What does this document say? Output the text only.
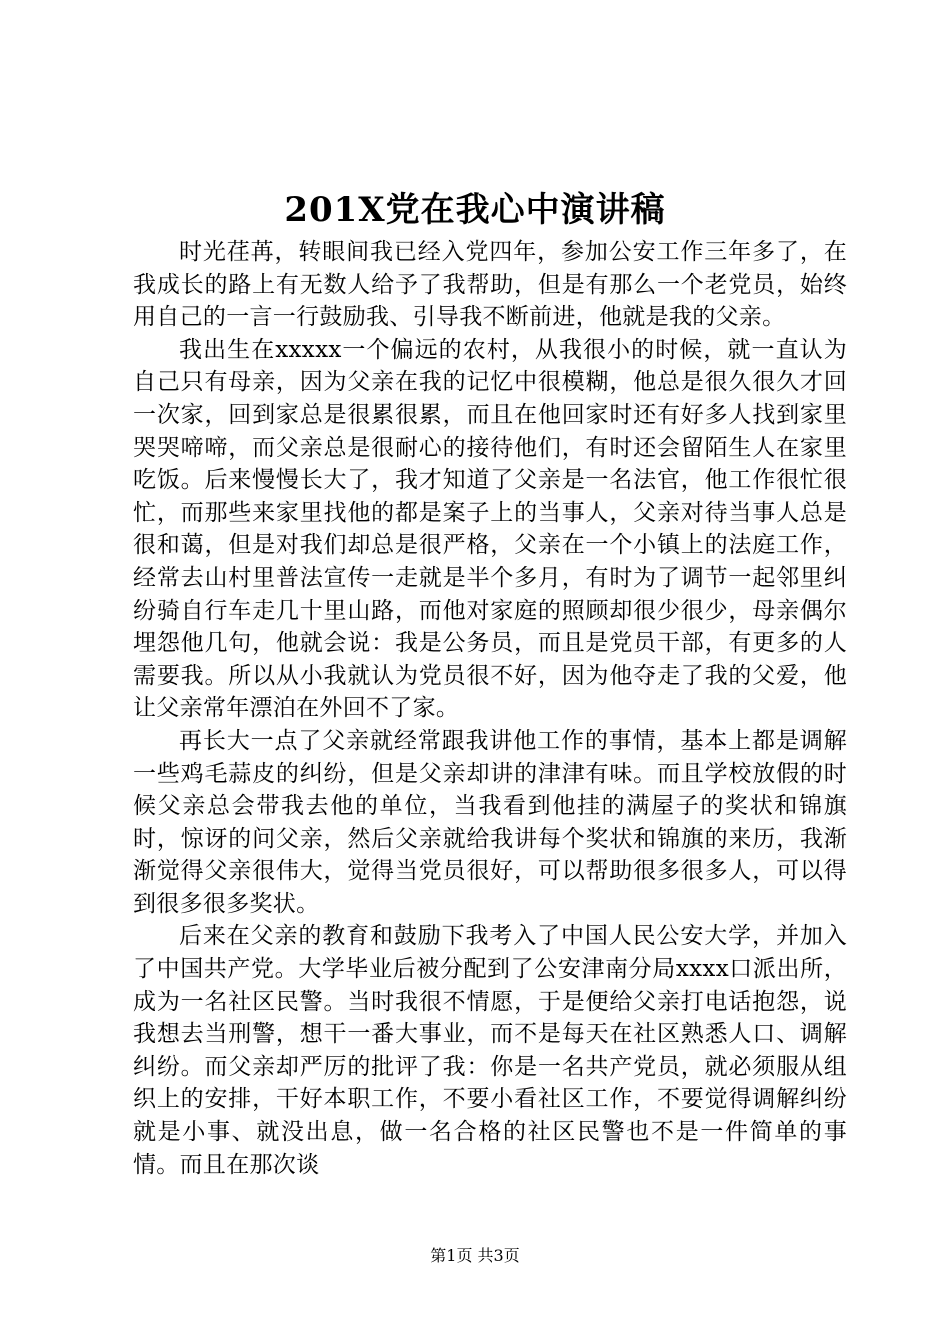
201X党在我心中演讲稿

时光荏苒，转眼间我已经入党四年，参加公安工作三年多了，在我成长的路上有无数人给予了我帮助，但是有那么一个老党员，始终用自己的一言一行鼓励我、引导我不断前进，他就是我的父亲。

我出生在xxxxx一个偏远的农村，从我很小的时候，就一直认为自己只有母亲，因为父亲在我的记忆中很模糊，他总是很久很久才回一次家，回到家总是很累很累，而且在他回家时还有好多人找到家里哭哭啼啼，而父亲总是很耐心的接待他们，有时还会留陌生人在家里吃饭。后来慢慢长大了，我才知道了父亲是一名法官，他工作很忙很忙，而那些来家里找他的都是案子上的当事人，父亲对待当事人总是很和蔼，但是对我们却总是很严格，父亲在一个小镇上的法庭工作，经常去山村里普法宣传一走就是半个多月，有时为了调节一起邻里纠纷骑自行车走几十里山路，而他对家庭的照顾却很少很少，母亲偶尔埋怨他几句，他就会说：我是公务员，而且是党员干部，有更多的人需要我。所以从小我就认为党员很不好，因为他夺走了我的父爱，他让父亲常年漂泊在外回不了家。

再长大一点了父亲就经常跟我讲他工作的事情，基本上都是调解一些鸡毛蒜皮的纠纷，但是父亲却讲的津津有味。而且学校放假的时候父亲总会带我去他的单位，当我看到他挂的满屋子的奖状和锦旗时，惊讶的问父亲，然后父亲就给我讲每个奖状和锦旗的来历，我渐渐觉得父亲很伟大，觉得当党员很好，可以帮助很多很多人，可以得到很多很多奖状。

后来在父亲的教育和鼓励下我考入了中国人民公安大学，并加入了中国共产党。大学毕业后被分配到了公安津南分局xxxx口派出所，成为一名社区民警。当时我很不情愿，于是便给父亲打电话抱怨，说我想去当刑警，想干一番大事业，而不是每天在社区熟悉人口、调解纠纷。而父亲却严厉的批评了我：你是一名共产党员，就必须服从组织上的安排，干好本职工作，不要小看社区工作，不要觉得调解纠纷就是小事、就没出息，做一名合格的社区民警也不是一件简单的事情。而且在那次谈

第1页 共3页
